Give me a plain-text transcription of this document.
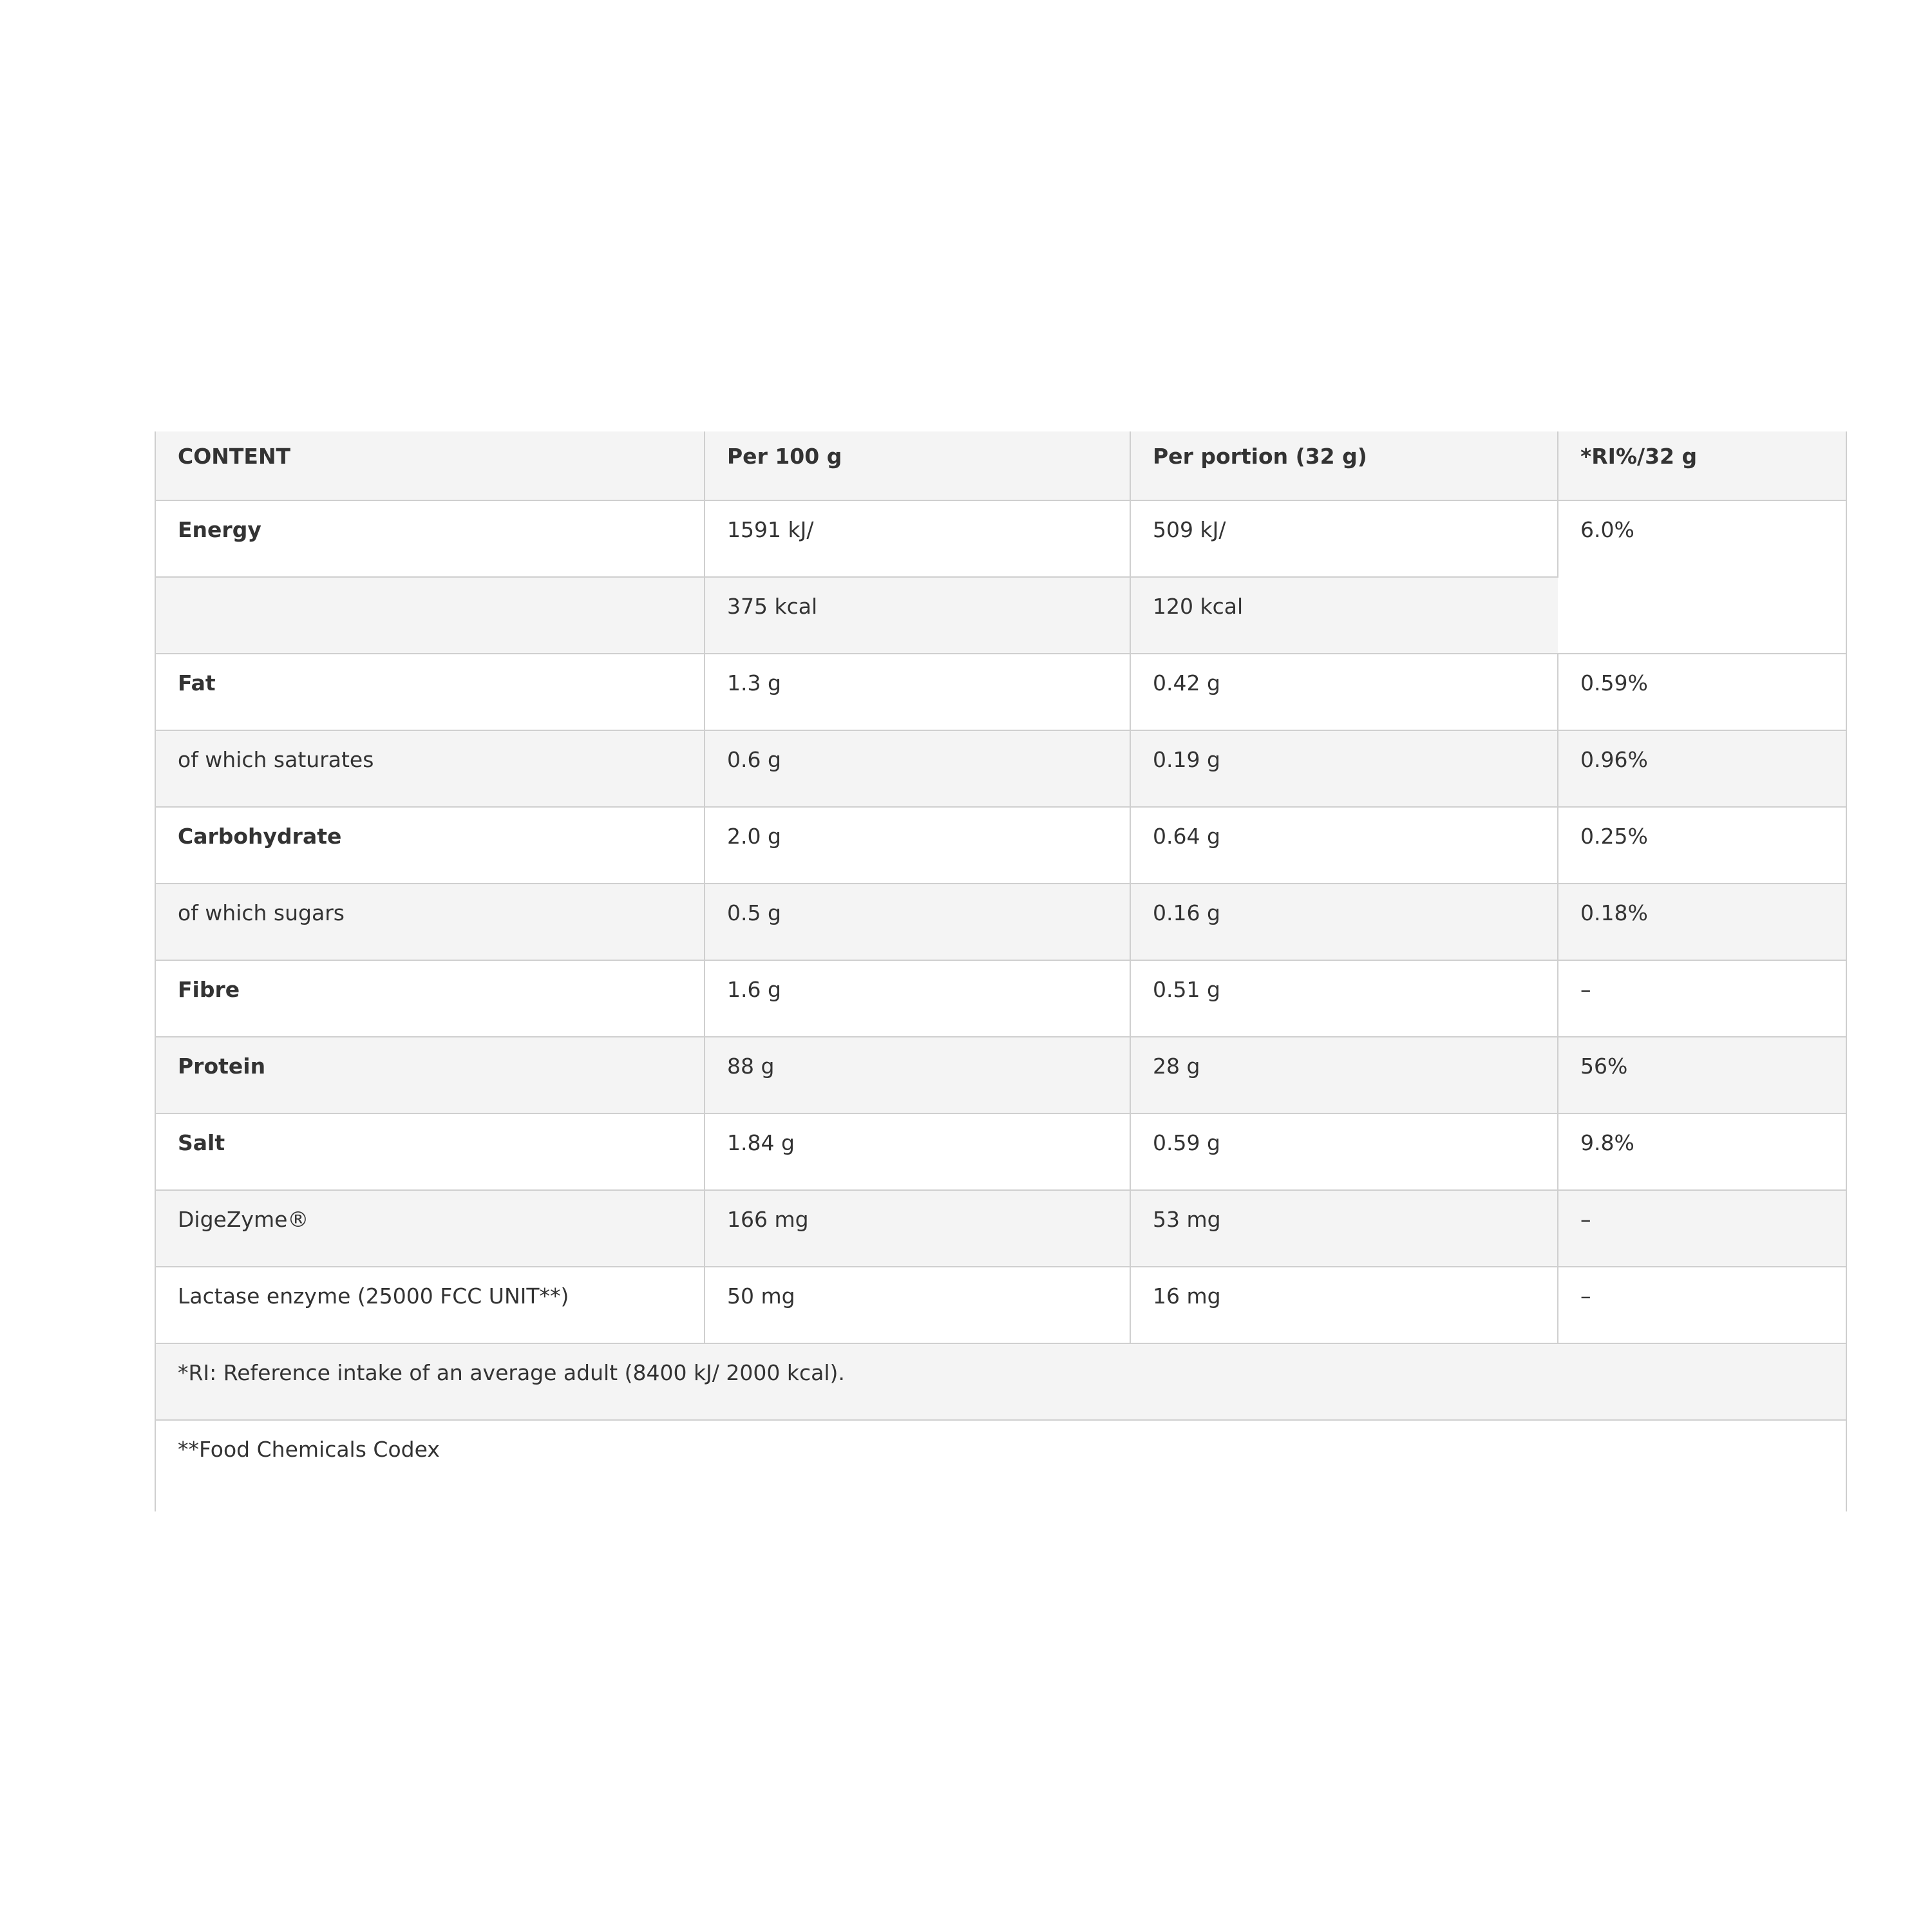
CONTENT	Per 100 g	Per portion (32 g)	*RI%/32 g

Energy	1591 kJ/	509 kJ/	6.0%

	375 kcal	120 kcal	

Fat	1.3 g	0.42 g	0.59%

of which saturates	0.6 g	0.19 g	0.96%

Carbohydrate	2.0 g	0.64 g	0.25%

of which sugars	0.5 g	0.16 g	0.18%

Fibre	1.6 g	0.51 g	–

Protein	88 g	28 g	56%

Salt	1.84 g	0.59 g	9.8%

DigeZyme®	166 mg	53 mg	–

Lactase enzyme (25000 FCC UNIT**)	50 mg	16 mg	–

*RI: Reference intake of an average adult (8400 kJ/ 2000 kcal).			

**Food Chemicals Codex			
